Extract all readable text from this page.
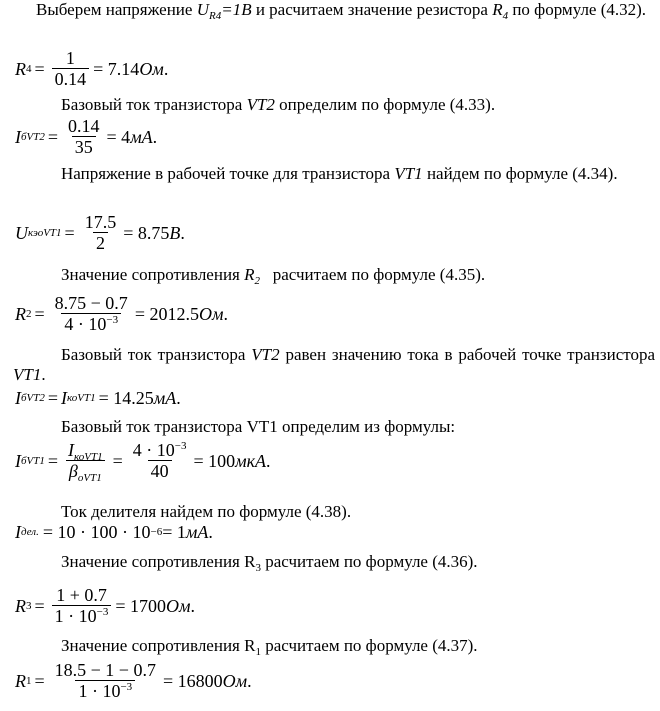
Выберем напряжение $U_{R4}=1В$ и расчитаем значение резистора $R_4$ по формуле (4.32).
R $4 = \frac{1}{0.14} = 7.14$ Ом .
Базовый ток транзистора VT2 определим по формуле (4.33).
I $бVT2 = \frac{0.14}{35} = 4$ мА .
Напряжение в рабочей точке для транзистора VT1 найдем по формуле (4.34).
U кэоVT1 = $\frac{17.5}{2} = 8.75$ В .
Значение сопротивления $R_2$   расчитаем по формуле (4.35).
R $2 = \frac{8.75 - 0.7}{4 \cdot 10^{-3}} = 2012.5$ Ом .
Базовый ток транзистора VT2 равен значению тока в рабочей точке транзистора VT1.
I бVT2 = I коVT1 = 14.25 мА .
Базовый ток транзистора VT1 определим из формулы:
I $бVT1 = \frac{I_{коVT1}}{\beta_{оVT1}} = \frac{4 \cdot 10^{-3}}{40} = 100$ мкА .
Ток делителя найдем по формуле (4.38).
I дел. = 10 · 100 · 10 −6 = 1 мА .
Значение сопротивления $R_3$ расчитаем по формуле (4.36).
R $3 = \frac{1 + 0.7}{1 \cdot 10^{-3}} = 1700$ Ом .
Значение сопротивления $R_1$ расчитаем по формуле (4.37).
R $1 = \frac{18.5 - 1 - 0.7}{1 \cdot 10^{-3}} = 16800$ Ом .
